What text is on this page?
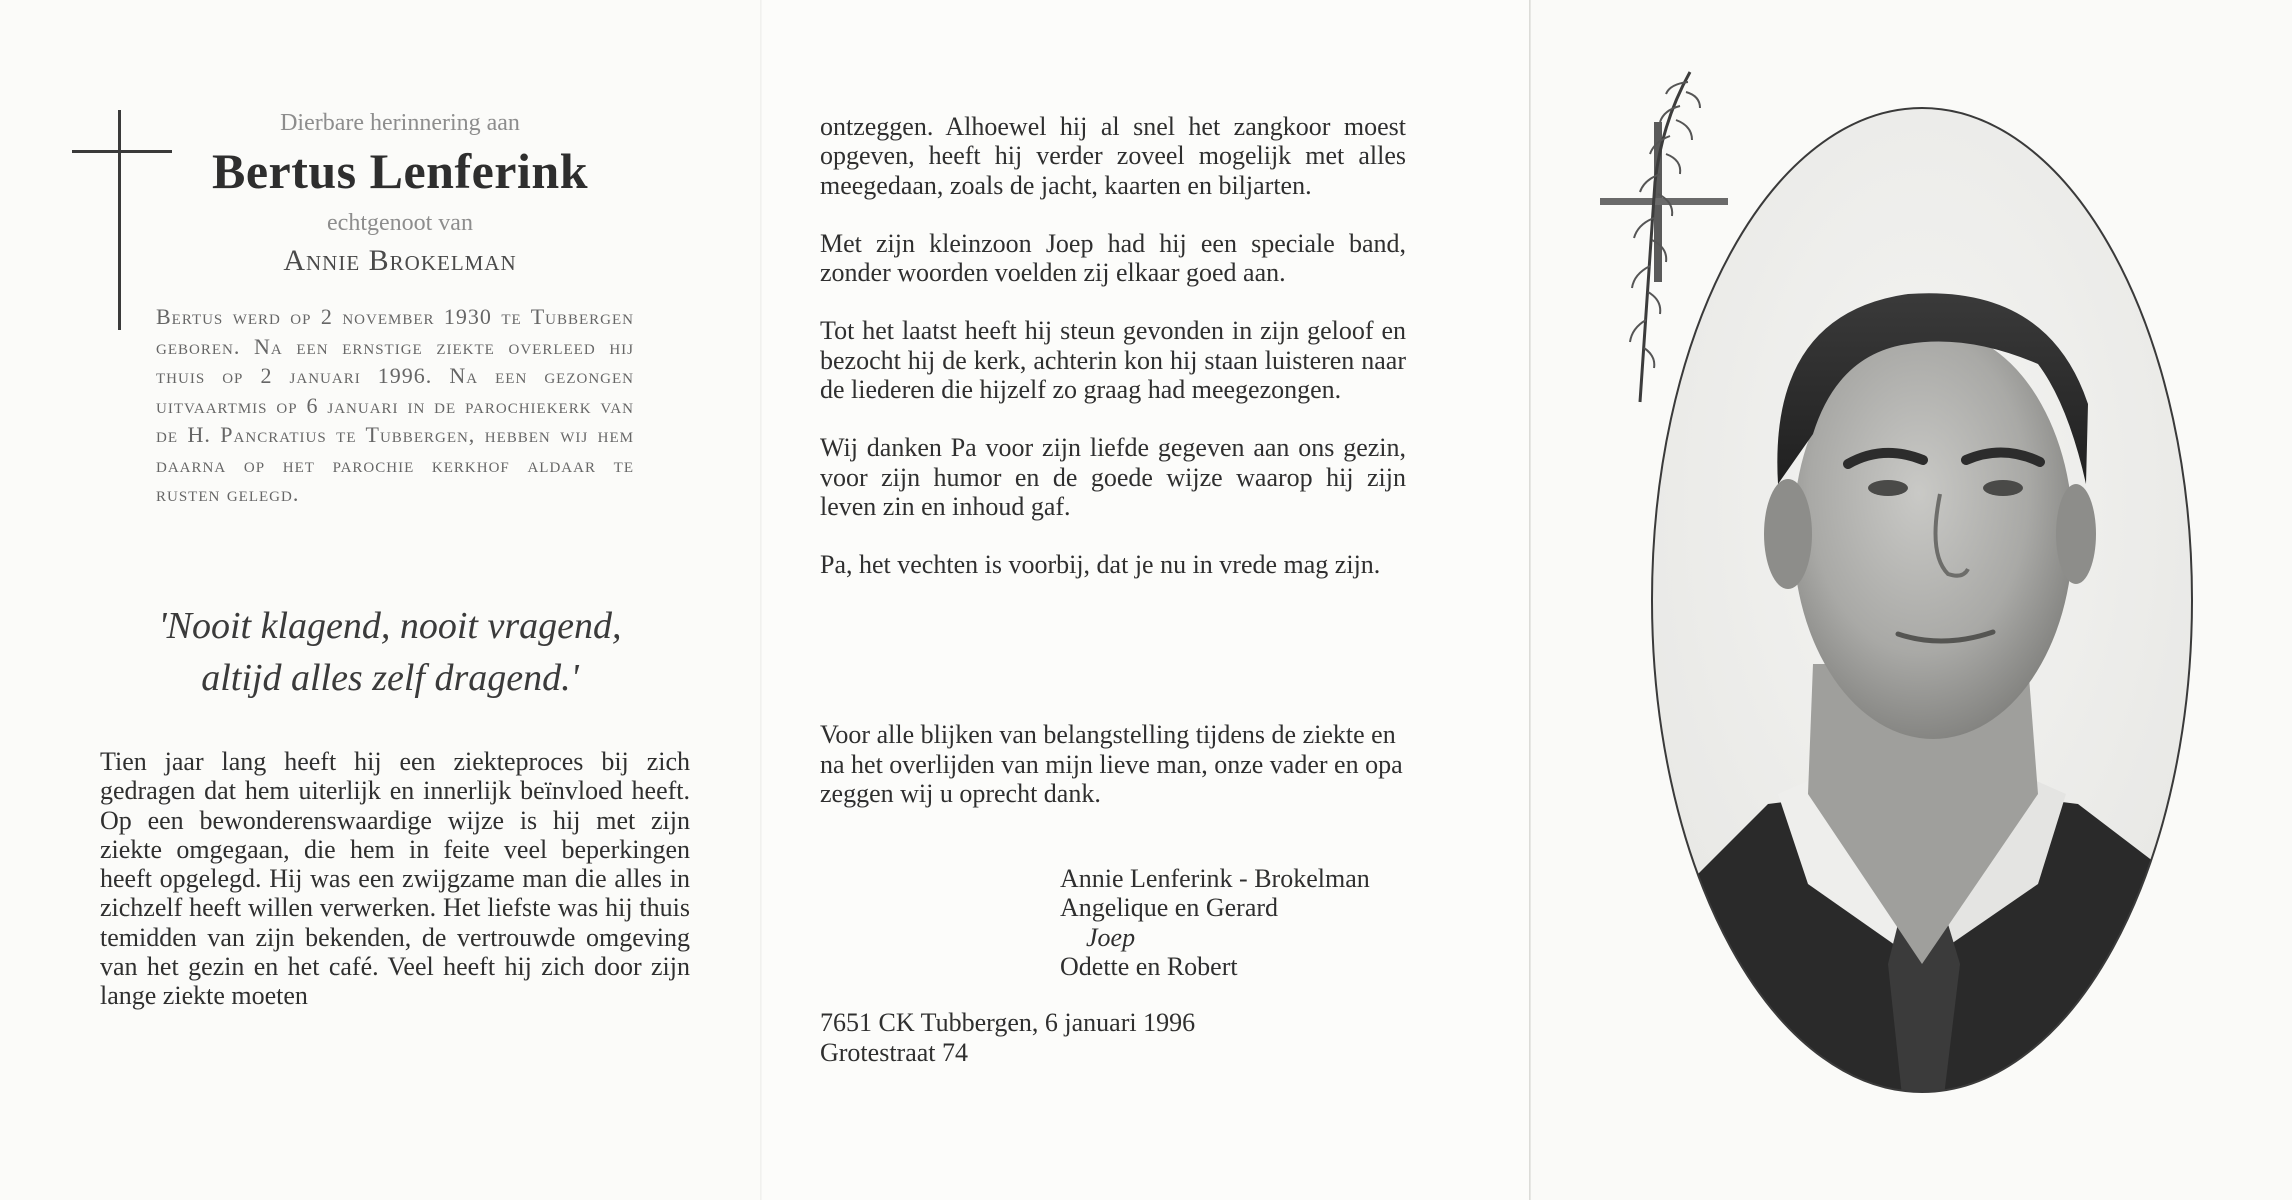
Dierbare herinnering aan
Bertus Lenferink
echtgenoot van
Annie Brokelman
Bertus werd op 2 november 1930 te Tubbergen geboren. Na een ernstige ziekte overleed hij thuis op 2 januari 1996. Na een gezongen uitvaartmis op 6 januari in de parochiekerk van de H. Pancratius te Tubbergen, hebben wij hem daarna op het parochie kerkhof aldaar te rusten gelegd.
'Nooit klagend, nooit vragend,
altijd alles zelf dragend.'
Tien jaar lang heeft hij een ziekteproces bij zich gedragen dat hem uiterlijk en innerlijk beïnvloed heeft. Op een bewonderenswaardige wijze is hij met zijn ziekte omgegaan, die hem in feite veel beperkingen heeft opgelegd. Hij was een zwijgzame man die alles in zichzelf heeft willen verwerken. Het liefste was hij thuis temidden van zijn bekenden, de vertrouwde omgeving van het gezin en het café. Veel heeft hij zich door zijn lange ziekte moeten

ontzeggen. Alhoewel hij al snel het zangkoor moest opgeven, heeft hij verder zoveel mogelijk met alles meegedaan, zoals de jacht, kaarten en biljarten.

Met zijn kleinzoon Joep had hij een speciale band, zonder woorden voelden zij elkaar goed aan.

Tot het laatst heeft hij steun gevonden in zijn geloof en bezocht hij de kerk, achterin kon hij staan luisteren naar de liederen die hijzelf zo graag had meegezongen.

Wij danken Pa voor zijn liefde gegeven aan ons gezin, voor zijn humor en de goede wijze waarop hij zijn leven zin en inhoud gaf.

Pa, het vechten is voorbij, dat je nu in vrede mag zijn.

Voor alle blijken van belangstelling tijdens de ziekte en na het overlijden van mijn lieve man, onze vader en opa zeggen wij u oprecht dank.
Annie Lenferink - Brokelman
Angelique en Gerard
Joep
Odette en Robert
7651 CK Tubbergen, 6 januari 1996
Grotestraat 74
